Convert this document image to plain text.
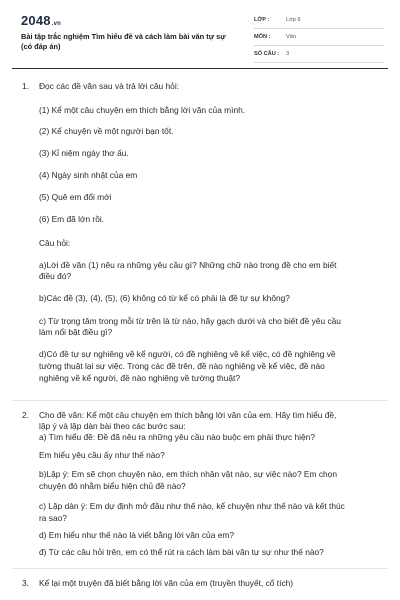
2048.vn
Bài tập trắc nghiệm Tìm hiểu đề và cách làm bài văn tự sự
(có đáp án)
LỚP :	Lớp 6
MÔN :	Văn
SỐ CÂU : 3
1. Đọc các đề văn sau và trả lời câu hỏi:
(1) Kể một câu chuyện em thích bằng lời văn của mình.
(2) Kể chuyện về một người bạn tốt.
(3) Kỉ niệm ngày thơ ấu.
(4) Ngày sinh nhật của em
(5) Quê em đổi mới
(6) Em đã lớn rồi.
Câu hỏi:
a)Lời đề văn (1) nêu ra những yêu cầu gì? Những chữ nào trong đề cho em biết
điều đó?
b)Các đề (3), (4), (5), (6) không có từ kể có phải là đề tự sự không?
c) Từ trọng tâm trong mỗi từ trên là từ nào, hãy gạch dưới và cho biết đề yêu cầu
làm nổi bật điều gì?
d)Có đề tự sự nghiêng về kể người, có đề nghiêng về kể việc, có đề nghiêng về
tường thuật lại sự việc. Trong các đề trên, đề nào nghiêng về kể việc, đề nào
nghiêng về kể người, đề nào nghiêng về tường thuật?
2. Cho đề văn: Kể một câu chuyện em thích bằng lời văn của em. Hãy tìm hiểu đề,
lập ý và lập dàn bài theo các bước sau:
a) Tìm hiểu đề: Đề đã nêu ra những yêu cầu nào buộc em phải thực hiện?
Em hiểu yêu cầu ấy như thế nào?
b)Lập ý: Em sẽ chọn chuyện nào, em thích nhân vật nào, sự việc nào? Em chọn
chuyện đó nhằm biểu hiện chủ đề nào?
c) Lập dàn ý: Em dự định mở đầu như thế nào, kể chuyện như thế nào và kết thúc
ra sao?
d) Em hiểu như thế nào là viết bằng lời văn của em?
đ) Từ các câu hỏi trên, em có thể rút ra cách làm bài văn tự sự như thế nào?
3. Kể lại một truyện đã biết bằng lời văn của em (truyền thuyết, cổ tích)
